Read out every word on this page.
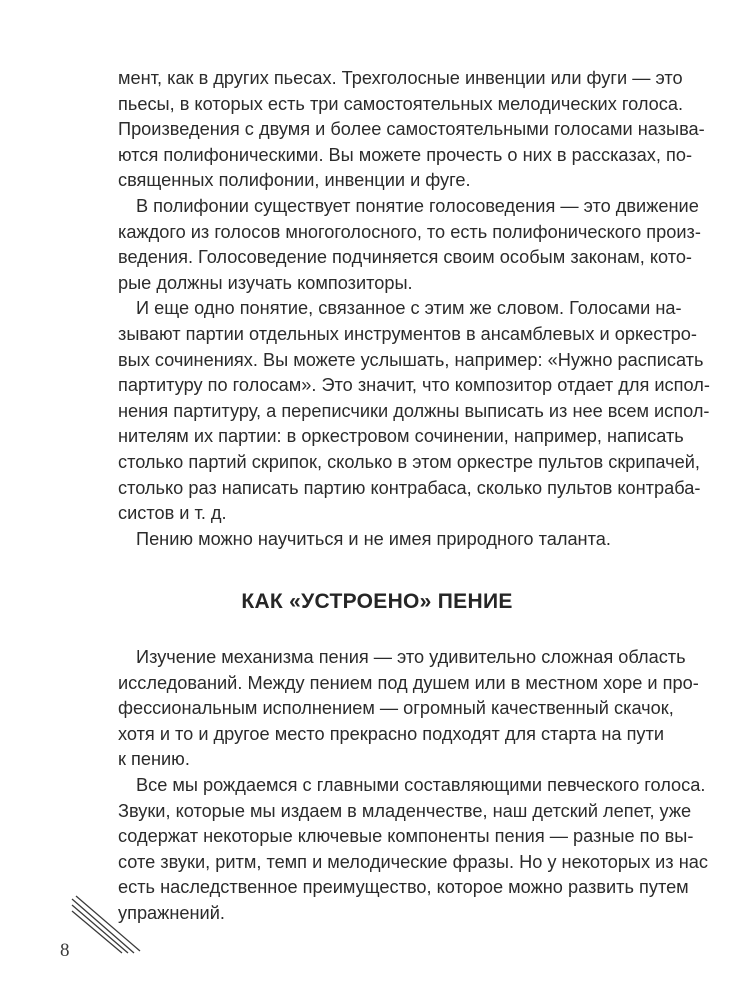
мент, как в других пьесах. Трехголосные инвенции или фуги — это
пьесы, в которых есть три самостоятельных мелодических голоса.
Произведения с двумя и более самостоятельными голосами называ-
ются полифоническими. Вы можете прочесть о них в рассказах, по-
священных полифонии, инвенции и фуге.
В полифонии существует понятие голосоведения — это движение
каждого из голосов многоголосного, то есть полифонического произ-
ведения. Голосоведение подчиняется своим особым законам, кото-
рые должны изучать композиторы.
И еще одно понятие, связанное с этим же словом. Голосами на-
зывают партии отдельных инструментов в ансамблевых и оркестро-
вых сочинениях. Вы можете услышать, например: «Нужно расписать
партитуру по голосам». Это значит, что композитор отдает для испол-
нения партитуру, а переписчики должны выписать из нее всем испол-
нителям их партии: в оркестровом сочинении, например, написать
столько партий скрипок, сколько в этом оркестре пультов скрипачей,
столько раз написать партию контрабаса, сколько пультов контраба-
систов и т. д.
Пению можно научиться и не имея природного таланта.
КАК «УСТРОЕНО» ПЕНИЕ
Изучение механизма пения — это удивительно сложная область
исследований. Между пением под душем или в местном хоре и про-
фессиональным исполнением — огромный качественный скачок,
хотя и то и другое место прекрасно подходят для старта на пути
к пению.
Все мы рождаемся с главными составляющими певческого голоса.
Звуки, которые мы издаем в младенчестве, наш детский лепет, уже
содержат некоторые ключевые компоненты пения — разные по вы-
соте звуки, ритм, темп и мелодические фразы. Но у некоторых из нас
есть наследственное преимущество, которое можно развить путем
упражнений.
8
